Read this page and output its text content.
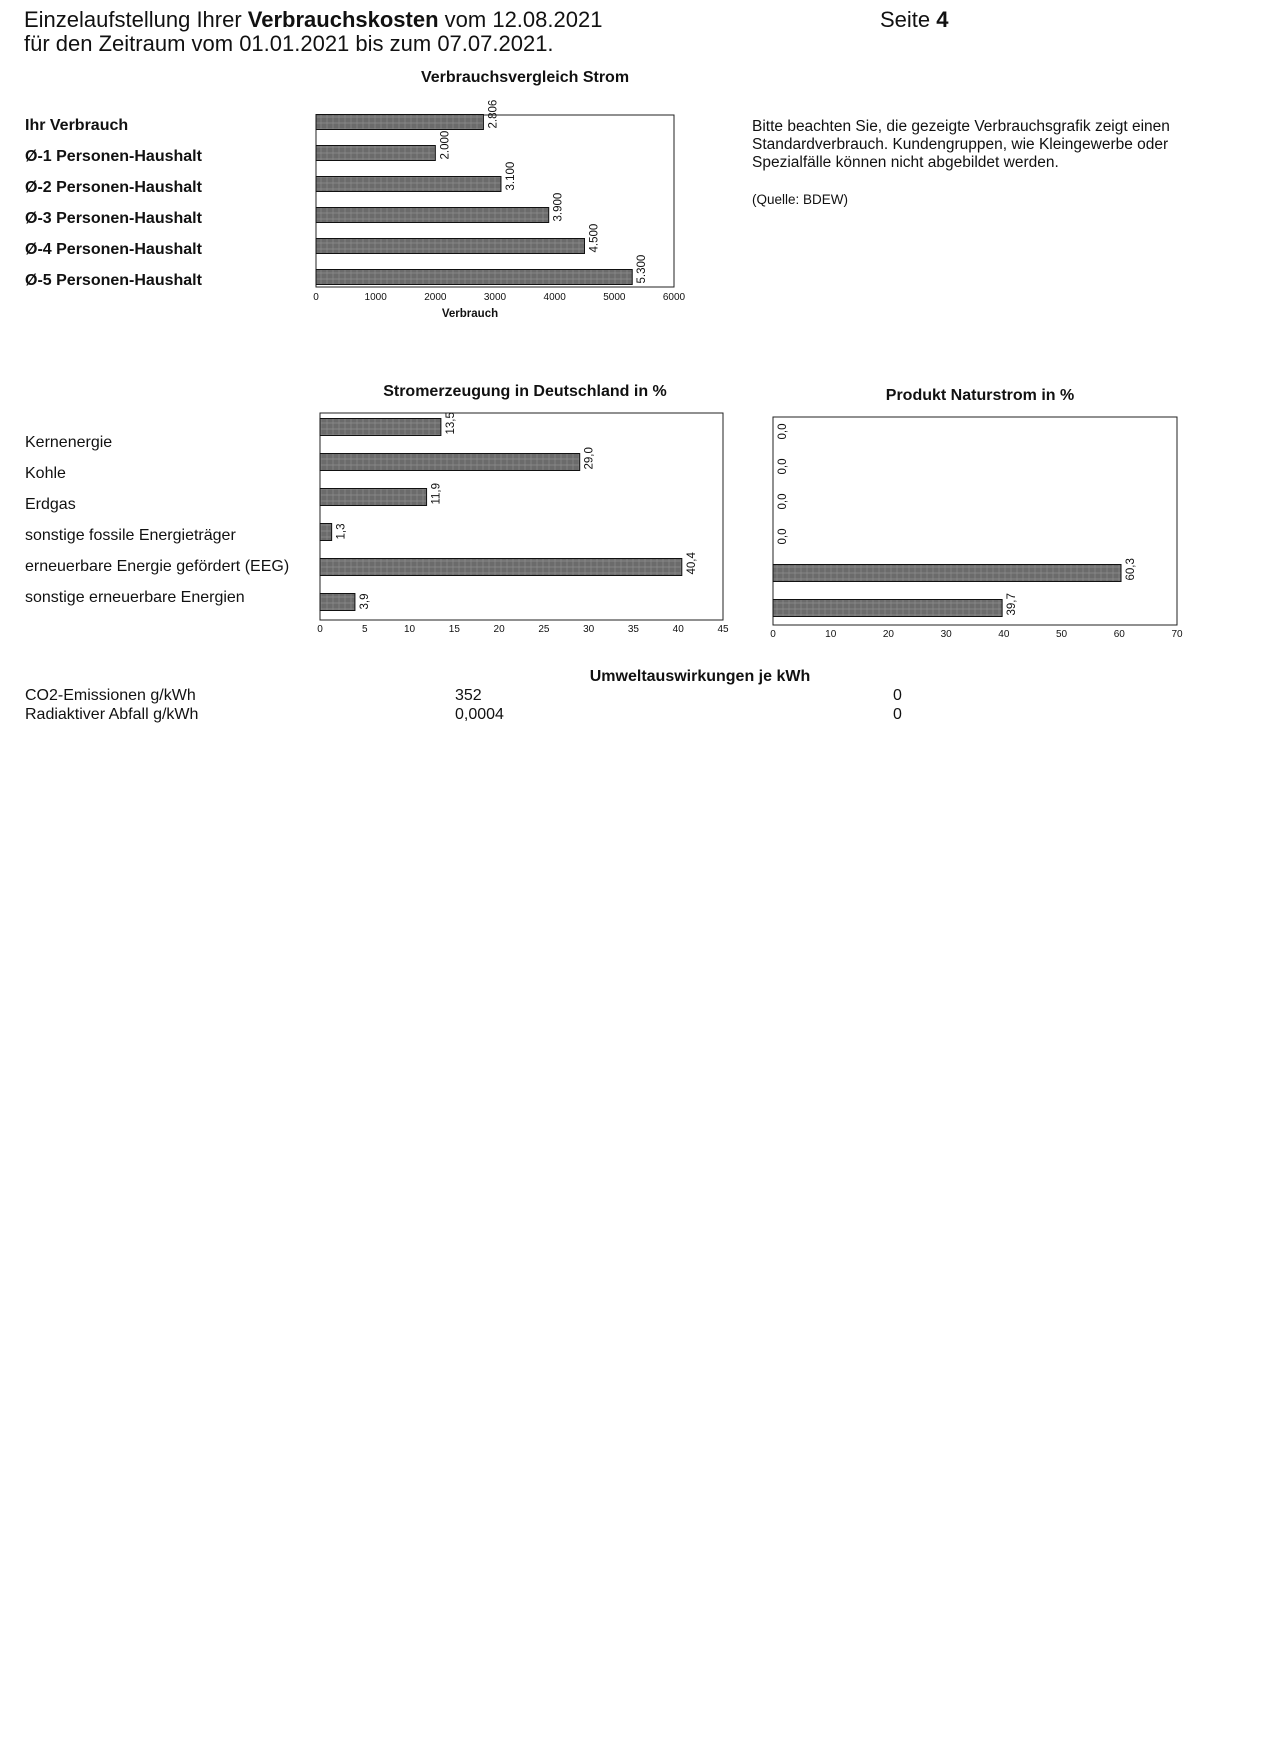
Einzelaufstellung Ihrer Verbrauchskosten vom 12.08.2021
für den Zeitraum vom 01.01.2021 bis zum 07.07.2021.
Seite 4
Verbrauchsvergleich Strom
Ihr Verbrauch
Ø-1 Personen-Haushalt
Ø-2 Personen-Haushalt
Ø-3 Personen-Haushalt
Ø-4 Personen-Haushalt
Ø-5 Personen-Haushalt
2.806
2.000
3.100
3.900
4.500
5.300
0	1000	2000	3000	4000	5000	6000
Verbrauch
13,5
29,0
11,9
1,3
40,4
3,9
0	5	10	15	20	25	30	35	40	45
0,0
0,0
0,0
0,0
60,3
39,7
0	10	20	30	40	50	60	70
Bitte beachten Sie, die gezeigte Verbrauchsgrafik zeigt einen Standardverbrauch. Kundengruppen, wie Kleingewerbe oder Spezialfälle können nicht abgebildet werden.
(Quelle: BDEW)
Stromerzeugung in Deutschland in %
Kernenergie
Kohle
Erdgas
sonstige fossile Energieträger
erneuerbare Energie gefördert (EEG)
sonstige erneuerbare Energien
Produkt Naturstrom in %
Umweltauswirkungen je kWh
CO2-Emissionen g/kWh	352	0
Radiaktiver Abfall g/kWh	0,0004	0
